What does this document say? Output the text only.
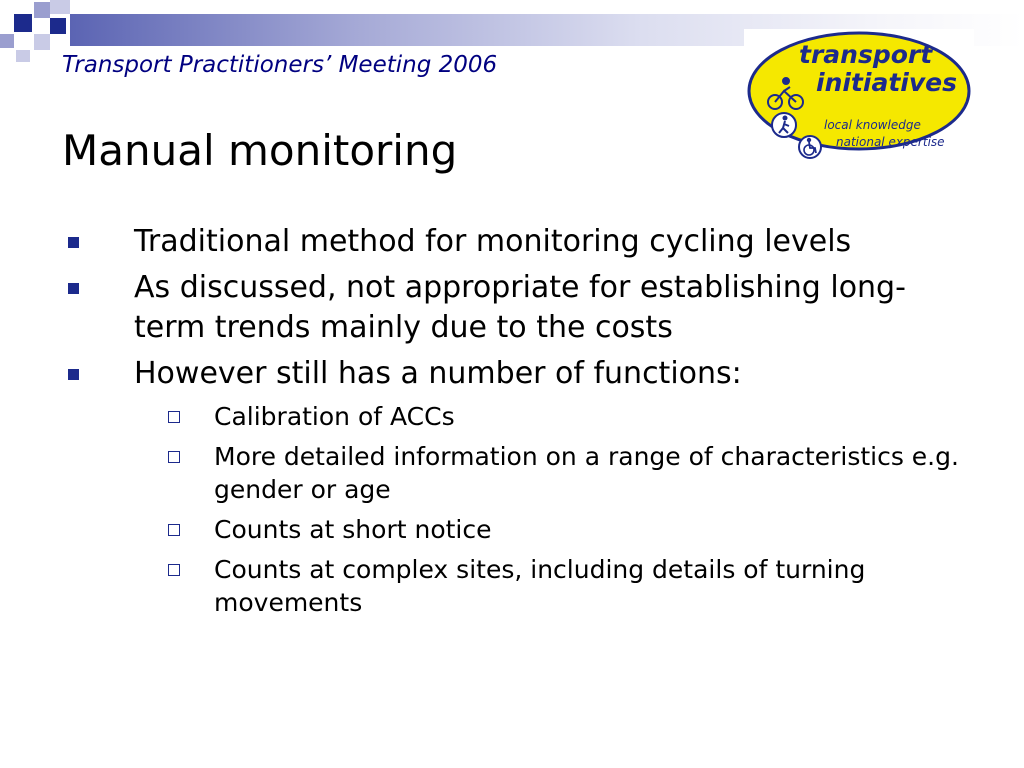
Transport Practitioners’ Meeting 2006	transport
initiatives
local knowledge
national expertise
Manual monitoring
Traditional method for monitoring cycling levels
As discussed, not appropriate for establishing long-term trends mainly due to the costs
However still has a number of functions:
Calibration of ACCs
More detailed information on a range of characteristics e.g. gender or age
Counts at short notice
Counts at complex sites, including details of turning movements
